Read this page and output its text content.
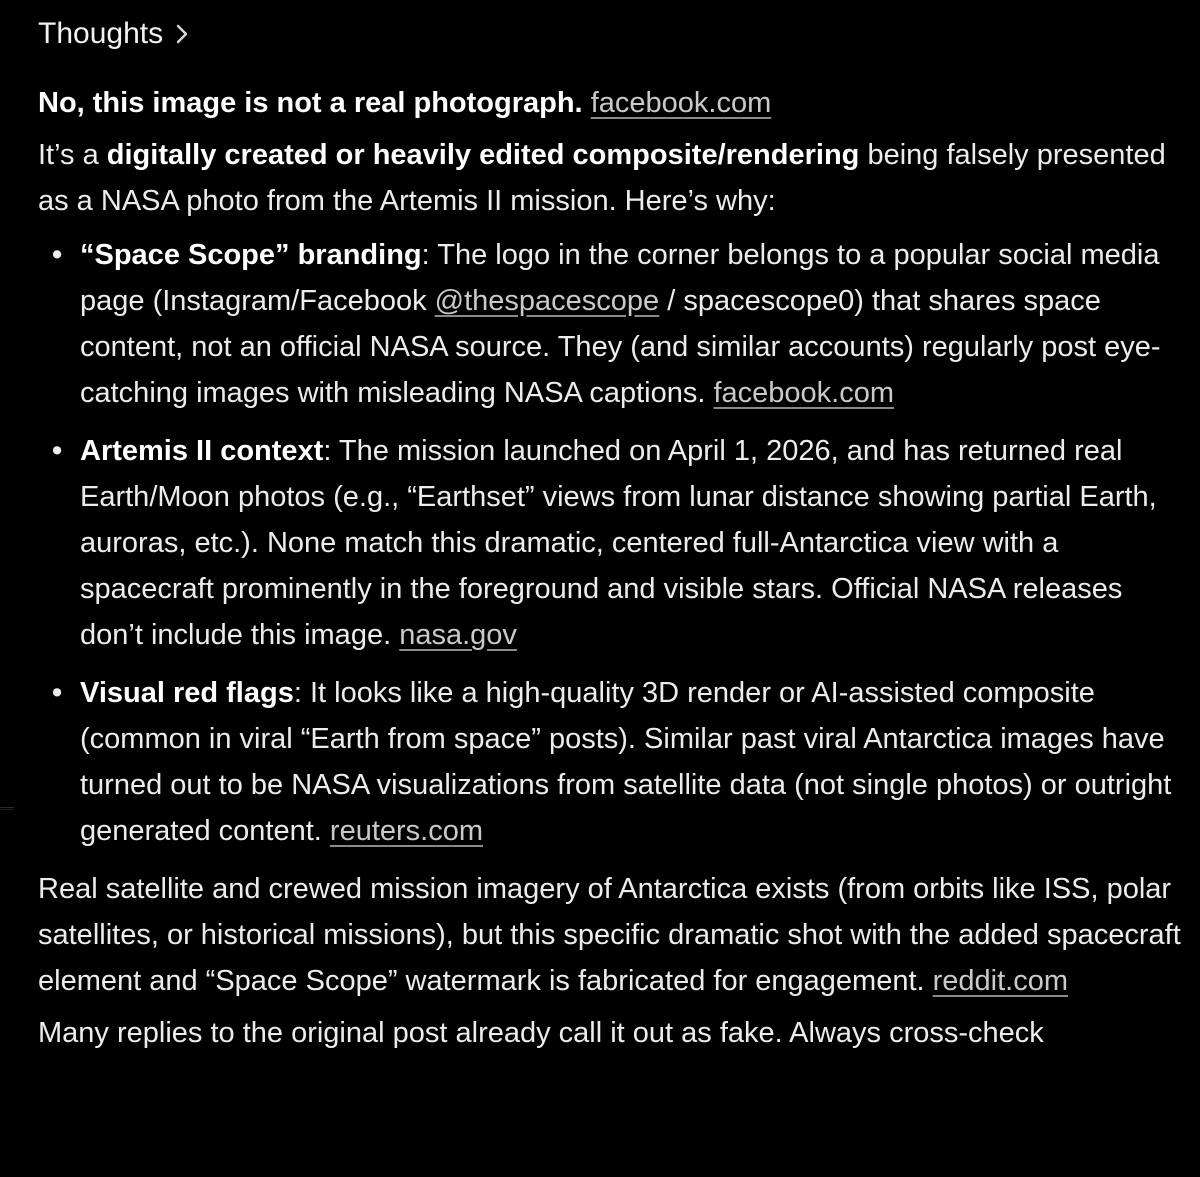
Thoughts

No, this image is not a real photograph. facebook.com

It’s a digitally created or heavily edited composite/rendering being falsely presented as a NASA photo from the Artemis II mission. Here’s why:

• “Space Scope” branding: The logo in the corner belongs to a popular social media page (Instagram/Facebook @thespacescope / spacescope0) that shares space content, not an official NASA source. They (and similar accounts) regularly post eye-catching images with misleading NASA captions. facebook.com
• Artemis II context: The mission launched on April 1, 2026, and has returned real Earth/Moon photos (e.g., “Earthset” views from lunar distance showing partial Earth, auroras, etc.). None match this dramatic, centered full-Antarctica view with a spacecraft prominently in the foreground and visible stars. Official NASA releases don’t include this image. nasa.gov
• Visual red flags: It looks like a high-quality 3D render or AI-assisted composite (common in viral “Earth from space” posts). Similar past viral Antarctica images have turned out to be NASA visualizations from satellite data (not single photos) or outright generated content. reuters.com

Real satellite and crewed mission imagery of Antarctica exists (from orbits like ISS, polar satellites, or historical missions), but this specific dramatic shot with the added spacecraft element and “Space Scope” watermark is fabricated for engagement. reddit.com

Many replies to the original post already call it out as fake. Always cross-check
